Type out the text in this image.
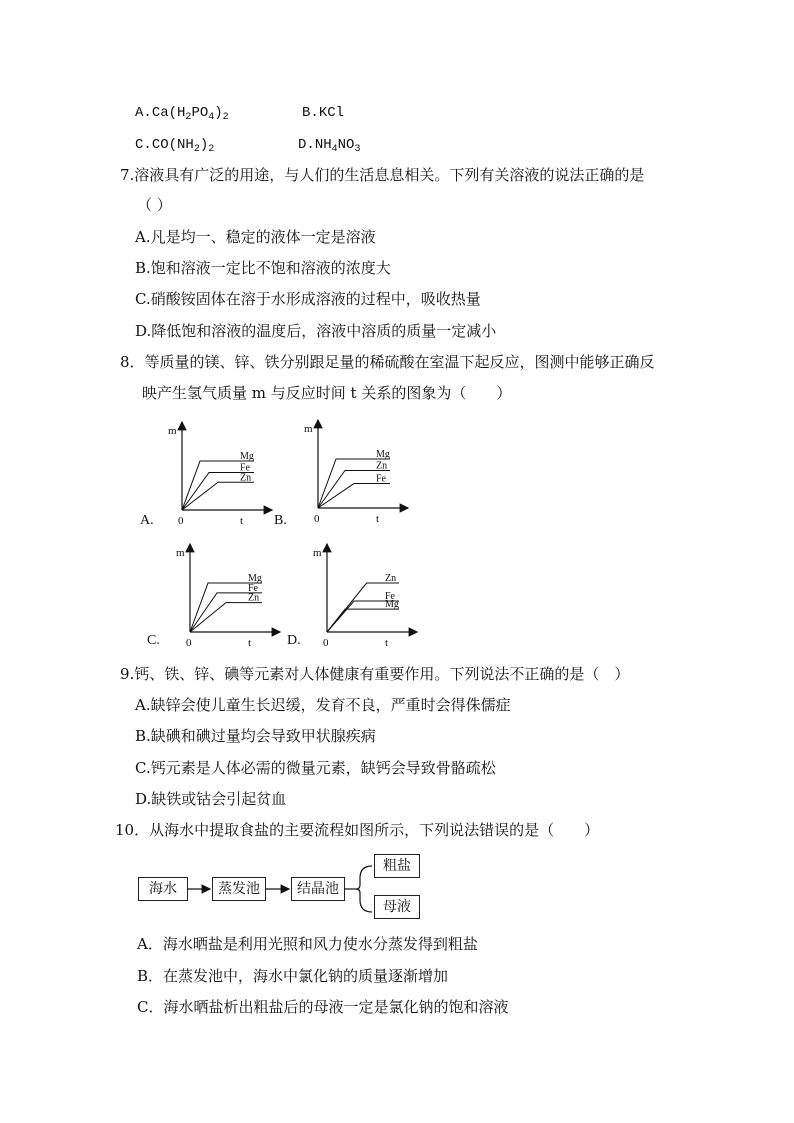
$A.Ca(H_2PO_4)_2$	B.KCl
$C.CO(NH_2)_2$	$D.NH_4NO_3$
7.溶液具有广泛的用途，与人们的生活息息相关。下列有关溶液的说法正确的是
（ ）
A.凡是均一、稳定的液体一定是溶液
B.饱和溶液一定比不饱和溶液的浓度大
C.硝酸铵固体在溶于水形成溶液的过程中，吸收热量
D.降低饱和溶液的温度后，溶液中溶质的质量一定减小
8．等质量的镁、锌、铁分别跟足量的稀硫酸在室温下起反应，图测中能够正确反
映产生氢气质量 m 与反应时间 t 关系的图象为（　　）
m
t
0
A.
Mg
Fe
Zn
m
t
0
B.
Mg
Zn
Fe
m
t
0
C.
Mg
Fe
Zn
m
t
0
D.
Zn
Fe
Mg
9.钙、铁、锌、碘等元素对人体健康有重要作用。下列说法不正确的是（　）
A.缺锌会使儿童生长迟缓，发育不良，严重时会得侏儒症
B.缺碘和碘过量均会导致甲状腺疾病
C.钙元素是人体必需的微量元素，缺钙会导致骨骼疏松
D.缺铁或钴会引起贫血
10．从海水中提取食盐的主要流程如图所示，下列说法错误的是（　　）
海水	蒸发池	结晶池
粗盐
母液
A．海水晒盐是利用光照和风力使水分蒸发得到粗盐
B．在蒸发池中，海水中氯化钠的质量逐渐增加
C．海水晒盐析出粗盐后的母液一定是氯化钠的饱和溶液
